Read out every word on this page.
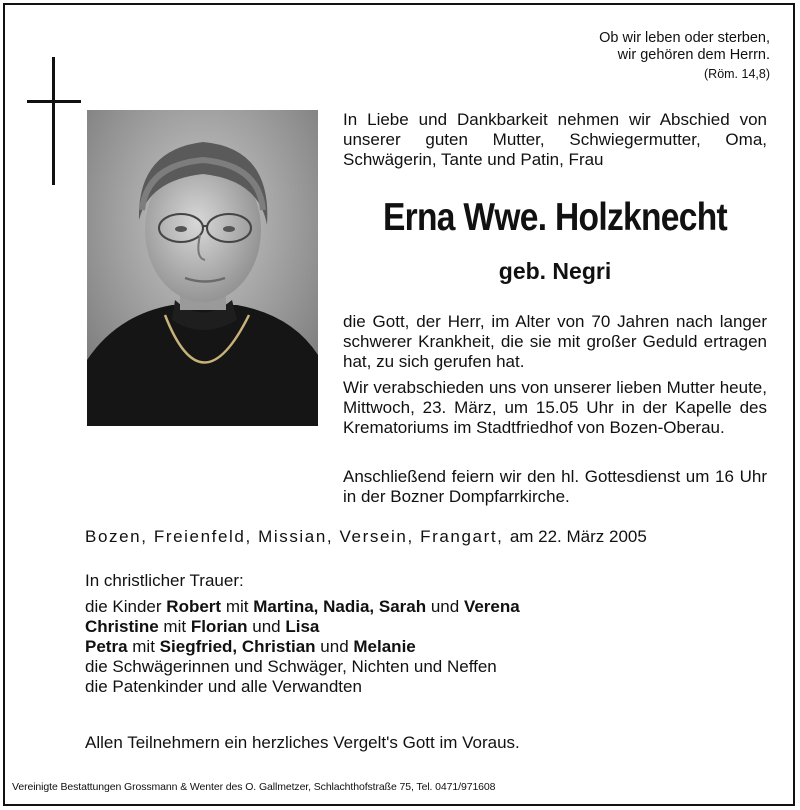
Ob wir leben oder sterben,
wir gehören dem Herrn.
(Röm. 14,8)
In Liebe und Dankbarkeit nehmen wir Abschied von unserer guten Mutter, Schwiegermutter, Oma, Schwägerin, Tante und Patin, Frau
Erna Wwe. Holzknecht
geb. Negri
die Gott, der Herr, im Alter von 70 Jahren nach langer schwerer Krankheit, die sie mit großer Geduld ertragen hat, zu sich gerufen hat.
Wir verabschieden uns von unserer lieben Mutter heute, Mittwoch, 23. März, um 15.05 Uhr in der Kapelle des Krematoriums im Stadtfriedhof von Bozen-Oberau.
Anschließend feiern wir den hl. Gottesdienst um 16 Uhr in der Bozner Dompfarrkirche.
Bozen, Freienfeld, Missian, Versein, Frangart, am 22. März 2005
In christlicher Trauer:
die Kinder Robert mit Martina, Nadia, Sarah und Verena
Christine mit Florian und Lisa
Petra mit Siegfried, Christian und Melanie
die Schwägerinnen und Schwäger, Nichten und Neffen
die Patenkinder und alle Verwandten
Allen Teilnehmern ein herzliches Vergelt's Gott im Voraus.
Vereinigte Bestattungen Grossmann & Wenter des O. Gallmetzer, Schlachthofstraße 75, Tel. 0471/971608
